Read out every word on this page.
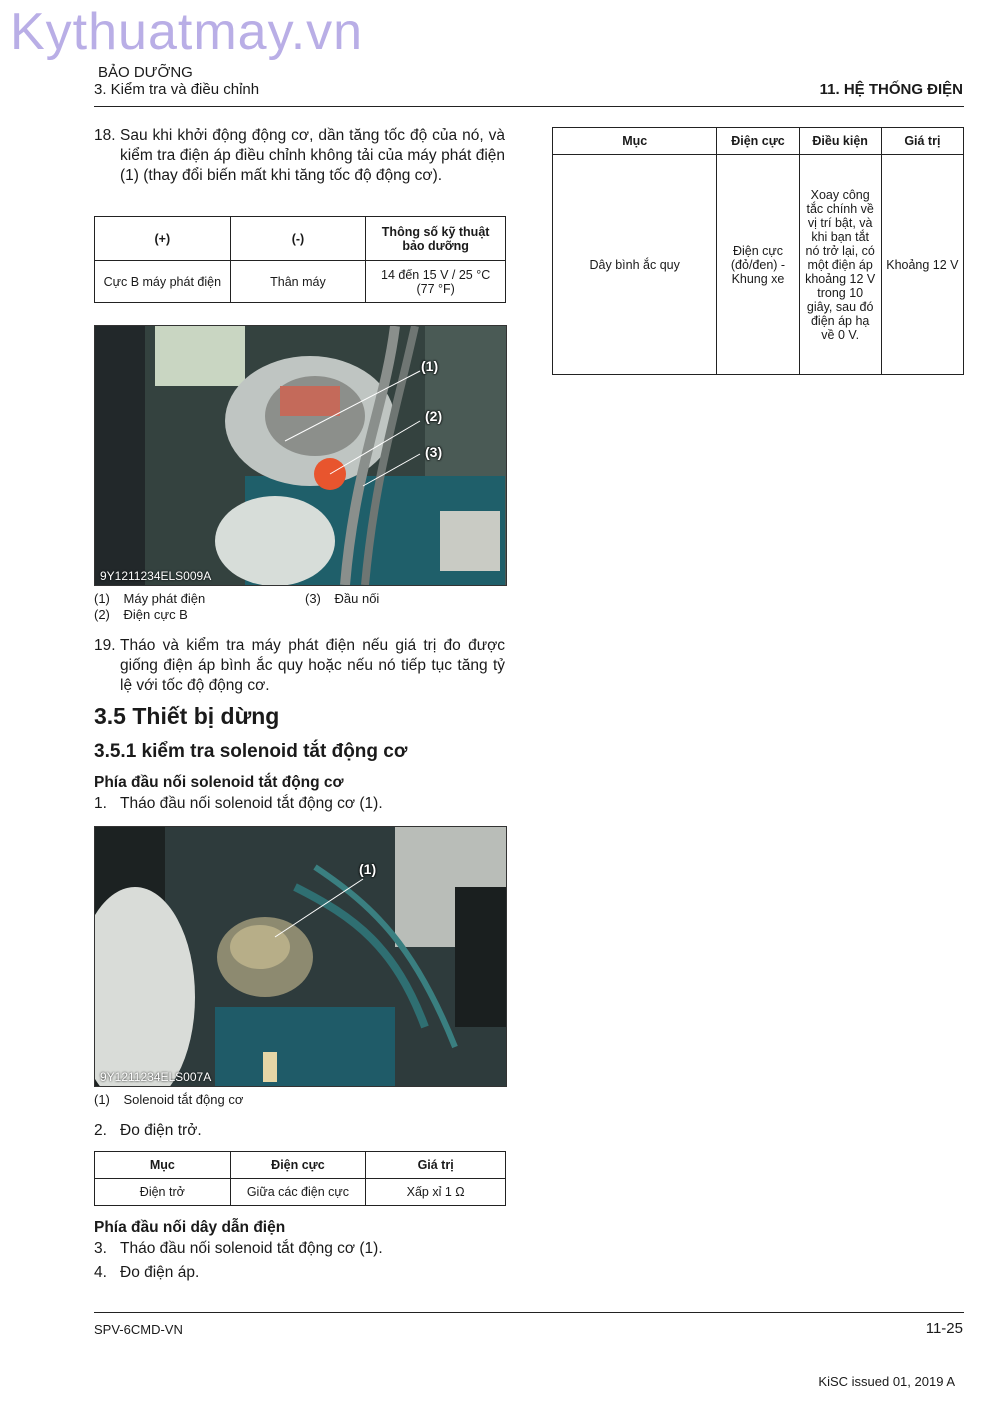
Kythuatmay.vn
BẢO DƯỠNG
3. Kiểm tra và điều chỉnh	11. HỆ THỐNG ĐIỆN
18. Sau khi khởi động động cơ, dần tăng tốc độ của nó, và kiểm tra điện áp điều chỉnh không tải của máy phát điện (1) (thay đổi biến mất khi tăng tốc độ động cơ).
(+)	(-)	Thông số kỹ thuật bảo dưỡng
Cực B máy phát điện	Thân máy	14 đến 15 V / 25 °C (77 °F)
(1)
(2)
(3)
9Y1211234ELS009A
(1) Máy phát điện	(3) Đầu nối
(2) Điện cực B
19. Tháo và kiểm tra máy phát điện nếu giá trị đo được giống điện áp bình ắc quy hoặc nếu nó tiếp tục tăng tỷ lệ với tốc độ động cơ.
3.5 Thiết bị dừng
3.5.1 kiểm tra solenoid tắt động cơ
Phía đầu nối solenoid tắt động cơ
1. Tháo đầu nối solenoid tắt động cơ (1).
(1)
9Y1211234ELS007A
(1) Solenoid tắt động cơ
2. Đo điện trở.
Mục	Điện cực	Giá trị
Điện trở	Giữa các điện cực	Xấp xỉ 1 Ω
Phía đầu nối dây dẫn điện
3. Tháo đầu nối solenoid tắt động cơ (1).
4. Đo điện áp.
Mục	Điện cực	Điều kiện	Giá trị
Dây bình ắc quy	Điện cực (đỏ/đen) - Khung xe	Xoay công tắc chính về vị trí bật, và khi bạn tắt nó trở lại, có một điện áp khoảng 12 V trong 10 giây, sau đó điện áp hạ về 0 V.	Khoảng 12 V
SPV-6CMD-VN	11-25
KiSC issued 01, 2019 A
